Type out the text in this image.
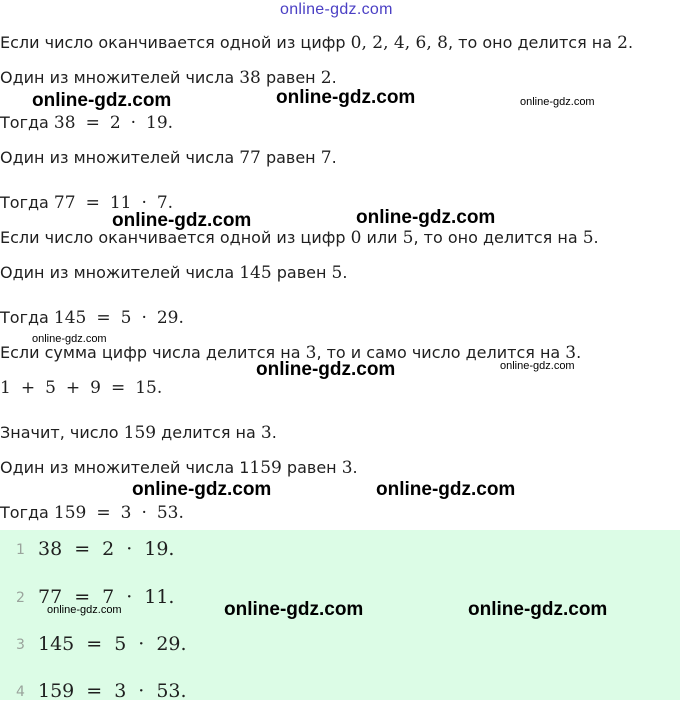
online-gdz.com
Если число оканчивается одной из цифр 0, 2, 4, 6, 8, то оно делится на 2.
Один из множителей числа 38 равен 2.
Тогда 38 = 2 · 19.
Один из множителей числа 77 равен 7.
Тогда 77 = 11 · 7.
Если число оканчивается одной из цифр 0 или 5, то оно делится на 5.
Один из множителей числа 145 равен 5.
Тогда 145 = 5 · 29.
Если сумма цифр числа делится на 3, то и само число делится на 3.
1 + 5 + 9 = 15.
Значит, число 159 делится на 3.
Один из множителей числа 1159 равен 3.
Тогда 159 = 3 · 53.
1 38 = 2 · 19.
2 77 = 7 · 11.
3 145 = 5 · 29.
4 159 = 3 · 53.
online-gdz.com	online-gdz.com	online-gdz.com
online-gdz.com	online-gdz.com
online-gdz.com
online-gdz.com	online-gdz.com
online-gdz.com	online-gdz.com
online-gdz.com	online-gdz.com	online-gdz.com
